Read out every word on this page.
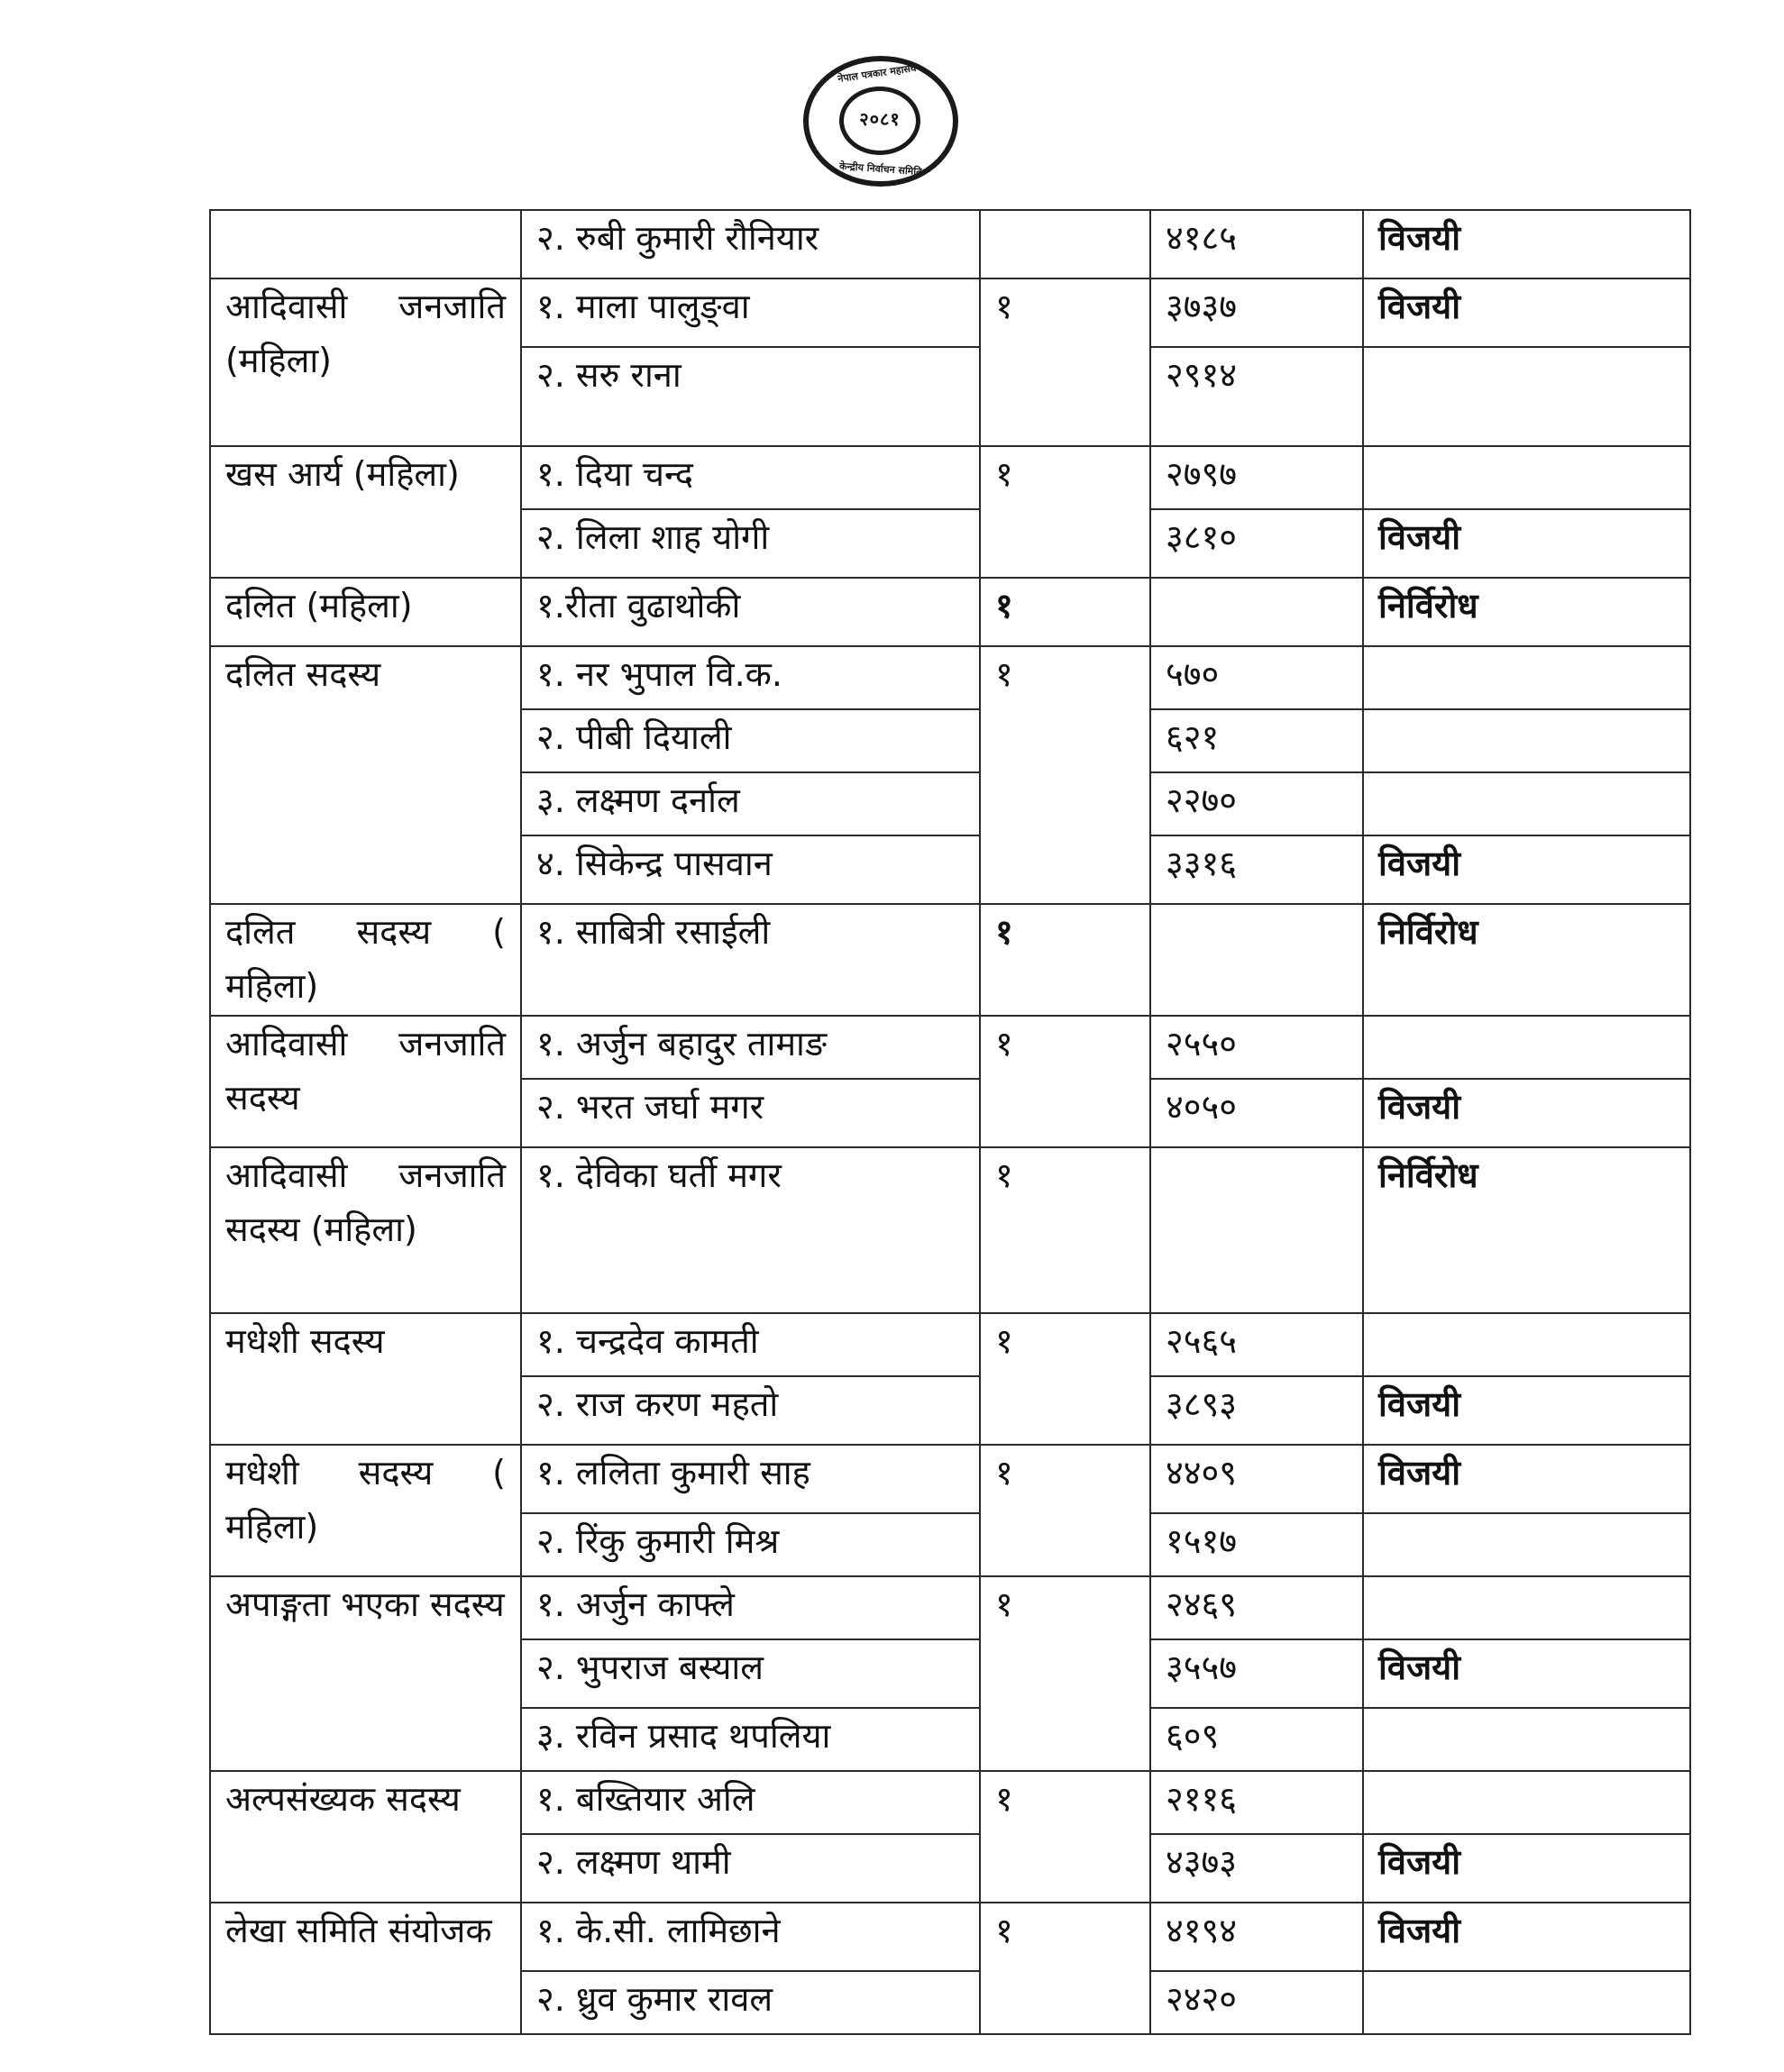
नेपाल पत्रकार महासंघ
२०८१
केन्द्रीय निर्वाचन समिति
	२. रुबी कुमारी रौनियार		४१८५	विजयी
आदिवासी जनजाति (महिला)	१. माला पालुङ्वा	१	३७३७	विजयी
	२. सरु राना		२९१४	
खस आर्य (महिला)	१. दिया चन्द	१	२७९७	
	२. लिला शाह योगी		३८१०	विजयी
दलित (महिला)	१.रीता वुढाथोकी	१		निर्विरोध
दलित सदस्य	१. नर भुपाल वि.क.	१	५७०	
	२. पीबी दियाली		६२१	
	३. लक्ष्मण दर्नाल		२२७०	
	४. सिकेन्द्र पासवान		३३१६	विजयी
दलित सदस्य ( महिला)	१. साबित्री रसाईली	१		निर्विरोध
आदिवासी जनजाति सदस्य	१. अर्जुन बहादुर तामाङ	१	२५५०	
	२. भरत जर्घा मगर		४०५०	विजयी
आदिवासी जनजाति सदस्य (महिला)	१. देविका घर्ती मगर	१		निर्विरोध
मधेशी सदस्य	१. चन्द्रदेव कामती	१	२५६५	
	२. राज करण महतो		३८९३	विजयी
मधेशी सदस्य ( महिला)	१. ललिता कुमारी साह	१	४४०९	विजयी
	२. रिंकु कुमारी मिश्र		१५१७	
अपाङ्गता भएका सदस्य	१. अर्जुन काफ्ले	१	२४६९	
	२. भुपराज बस्याल		३५५७	विजयी
	३. रविन प्रसाद थपलिया		६०९	
अल्पसंख्यक सदस्य	१. बख्तियार अलि	१	२११६	
	२. लक्ष्मण थामी		४३७३	विजयी
लेखा समिति संयोजक	१. के.सी. लामिछाने	१	४१९४	विजयी
	२. ध्रुव कुमार रावल		२४२०	
